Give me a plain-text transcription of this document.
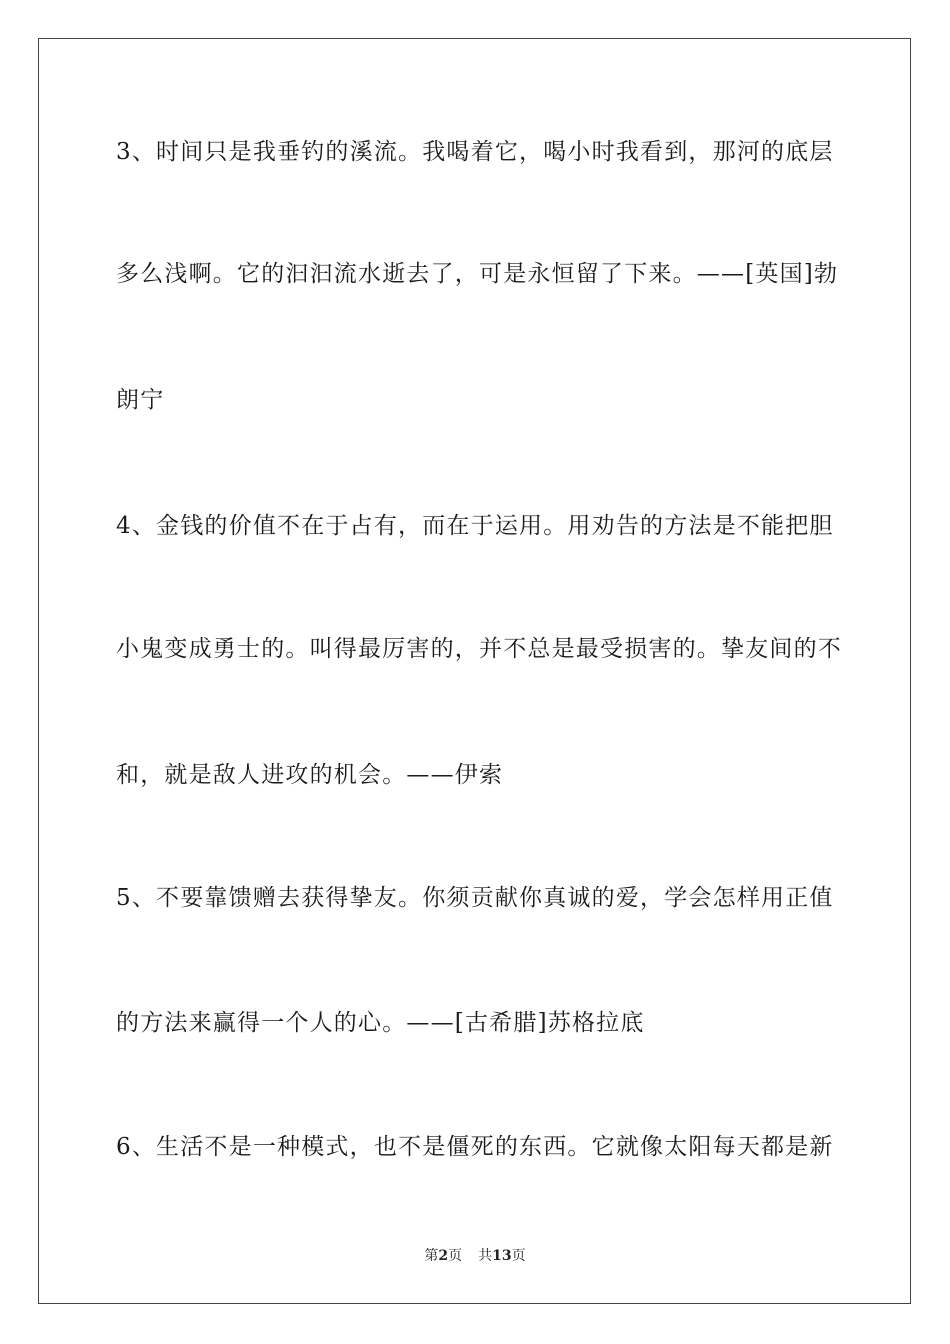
3、时间只是我垂钓的溪流。我喝着它，喝小时我看到，那河的底层
多么浅啊。它的汩汩流水逝去了，可是永恒留了下来。——[英国]勃
朗宁
4、金钱的价值不在于占有，而在于运用。用劝告的方法是不能把胆
小鬼变成勇士的。叫得最厉害的，并不总是最受损害的。挚友间的不
和，就是敌人进攻的机会。——伊索
5、不要靠馈赠去获得挚友。你须贡献你真诚的爱，学会怎样用正值
的方法来赢得一个人的心。——[古希腊]苏格拉底
6、生活不是一种模式，也不是僵死的东西。它就像太阳每天都是新
第2页 共13页
